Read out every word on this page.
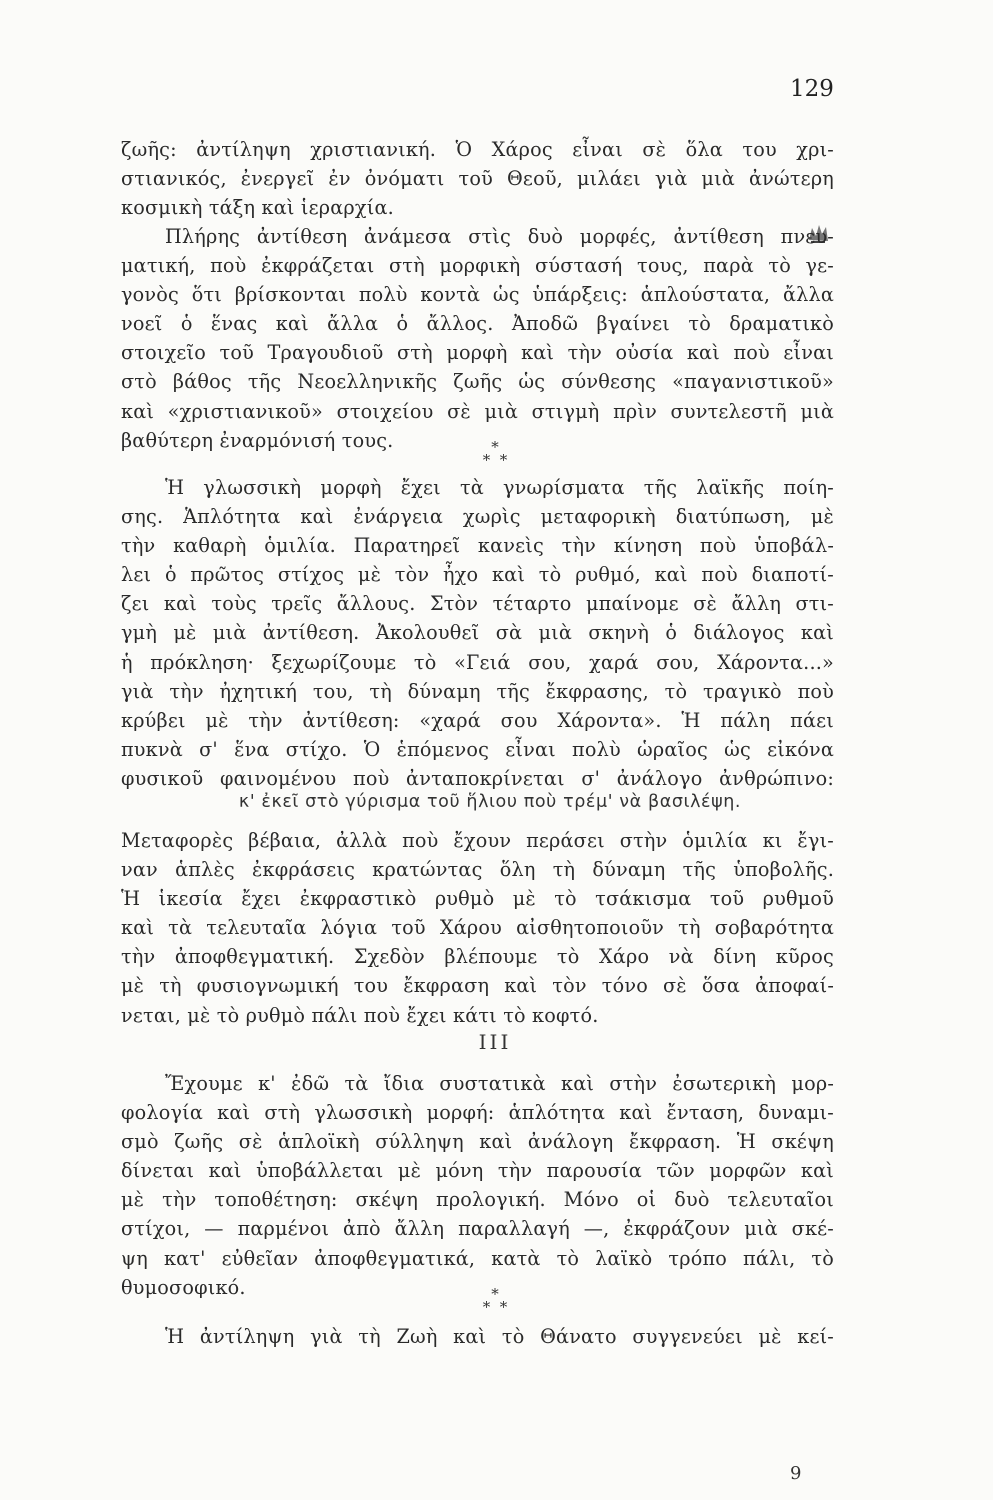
129
ζωῆς: ἀντίληψη χριστιανική. Ὁ Χάρος εἶναι σὲ ὅλα του χρι-
στιανικός, ἐνεργεῖ ἐν ὀνόματι τοῦ Θεοῦ, μιλάει γιὰ μιὰ ἀνώτερη
κοσμικὴ τάξη καὶ ἱεραρχία.
Πλήρης ἀντίθεση ἀνάμεσα στὶς δυὸ μορφές, ἀντίθεση πνευ-
ματική, ποὺ ἐκφράζεται στὴ μορφικὴ σύστασή τους, παρὰ τὸ γε-
γονὸς ὅτι βρίσκονται πολὺ κοντὰ ὡς ὑπάρξεις: ἁπλούστατα, ἄλλα
νοεῖ ὁ ἕνας καὶ ἄλλα ὁ ἄλλος. Ἀποδῶ βγαίνει τὸ δραματικὸ
στοιχεῖο τοῦ Τραγουδιοῦ στὴ μορφὴ καὶ τὴν οὐσία καὶ ποὺ εἶναι
στὸ βάθος τῆς Νεοελληνικῆς ζωῆς ὡς σύνθεσης «παγανιστικοῦ»
καὶ «χριστιανικοῦ» στοιχείου σὲ μιὰ στιγμὴ πρὶν συντελεστῆ μιὰ
βαθύτερη ἐναρμόνισή τους.	*
*  *
Ἡ γλωσσικὴ μορφὴ ἔχει τὰ γνωρίσματα τῆς λαϊκῆς ποίη-
σης. Ἁπλότητα καὶ ἐνάργεια χωρὶς μεταφορικὴ διατύπωση, μὲ
τὴν καθαρὴ ὁμιλία. Παρατηρεῖ κανεὶς τὴν κίνηση ποὺ ὑποβάλ-
λει ὁ πρῶτος στίχος μὲ τὸν ἦχο καὶ τὸ ρυθμό, καὶ ποὺ διαποτί-
ζει καὶ τοὺς τρεῖς ἄλλους. Στὸν τέταρτο μπαίνομε σὲ ἄλλη στι-
γμὴ μὲ μιὰ ἀντίθεση. Ἀκολουθεῖ σὰ μιὰ σκηνὴ ὁ διάλογος καὶ
ἡ πρόκληση· ξεχωρίζουμε τὸ «Γειά σου, χαρά σου, Χάροντα...»
γιὰ τὴν ἠχητική του, τὴ δύναμη τῆς ἔκφρασης, τὸ τραγικὸ ποὺ
κρύβει μὲ τὴν ἀντίθεση: «χαρά σου Χάροντα». Ἡ πάλη πάει
πυκνὰ σ' ἕνα στίχο. Ὁ ἑπόμενος εἶναι πολὺ ὡραῖος ὡς εἰκόνα
φυσικοῦ φαινομένου ποὺ ἀνταποκρίνεται σ' ἀνάλογο ἀνθρώπινο:
κ' ἐκεῖ στὸ γύρισμα τοῦ ἥλιου ποὺ τρέμ' νὰ βασιλέψη.
Μεταφορὲς βέβαια, ἀλλὰ ποὺ ἔχουν περάσει στὴν ὁμιλία κι ἔγι-
ναν ἁπλὲς ἐκφράσεις κρατώντας ὅλη τὴ δύναμη τῆς ὑποβολῆς.
Ἡ ἱκεσία ἔχει ἐκφραστικὸ ρυθμὸ μὲ τὸ τσάκισμα τοῦ ρυθμοῦ
καὶ τὰ τελευταῖα λόγια τοῦ Χάρου αἰσθητοποιοῦν τὴ σοβαρότητα
τὴν ἀποφθεγματική. Σχεδὸν βλέπουμε τὸ Χάρο νὰ δίνη κῦρος
μὲ τὴ φυσιογνωμική του ἔκφραση καὶ τὸν τόνο σὲ ὅσα ἀποφαί-
νεται, μὲ τὸ ρυθμὸ πάλι ποὺ ἔχει κάτι τὸ κοφτό.
III
Ἔχουμε κ' ἐδῶ τὰ ἴδια συστατικὰ καὶ στὴν ἐσωτερικὴ μορ-
φολογία καὶ στὴ γλωσσικὴ μορφή: ἁπλότητα καὶ ἔνταση, δυναμι-
σμὸ ζωῆς σὲ ἁπλοϊκὴ σύλληψη καὶ ἀνάλογη ἔκφραση. Ἡ σκέψη
δίνεται καὶ ὑποβάλλεται μὲ μόνη τὴν παρουσία τῶν μορφῶν καὶ
μὲ τὴν τοποθέτηση: σκέψη προλογική. Μόνο οἱ δυὸ τελευταῖοι
στίχοι, — παρμένοι ἀπὸ ἄλλη παραλλαγή —, ἐκφράζουν μιὰ σκέ-
ψη κατ' εὐθεῖαν ἀποφθεγματικά, κατὰ τὸ λαϊκὸ τρόπο πάλι, τὸ
θυμοσοφικό.	*
*  *
Ἡ ἀντίληψη γιὰ τὴ Ζωὴ καὶ τὸ Θάνατο συγγενεύει μὲ κεί-
9
